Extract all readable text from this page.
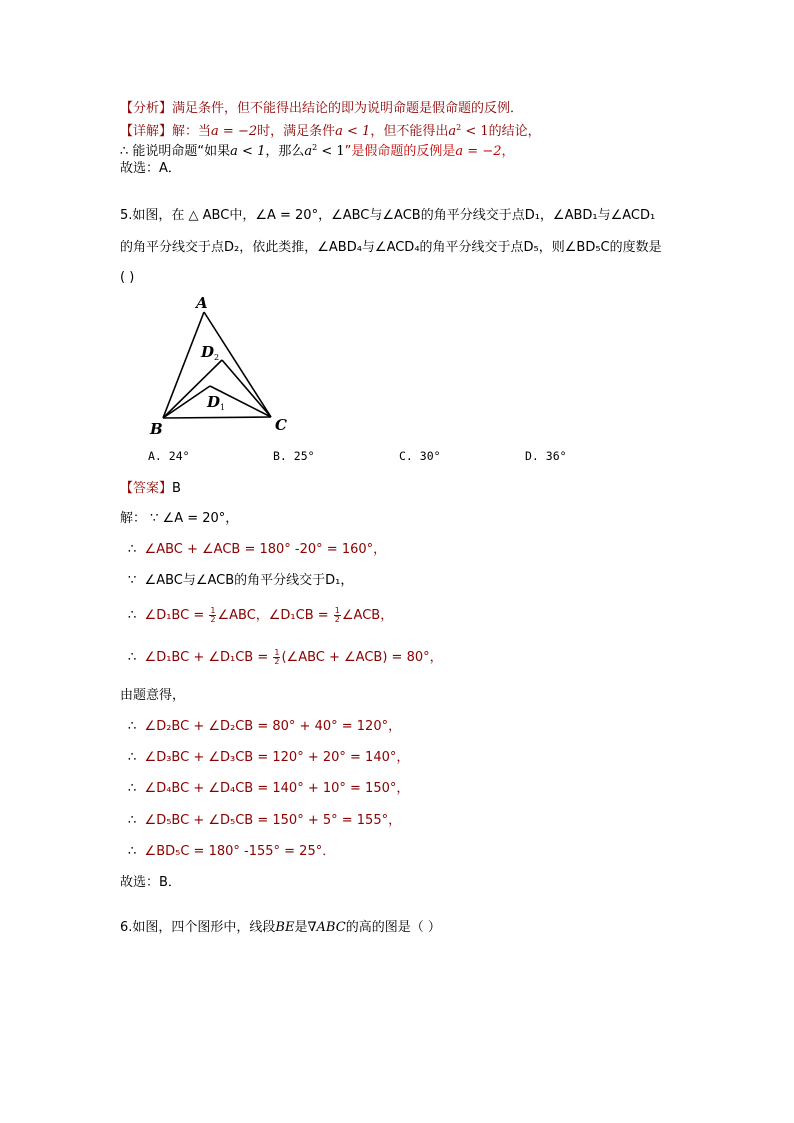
【分析】满足条件，但不能得出结论的即为说明命题是假命题的反例．
【详解】解：当a = −2时，满足条件a < 1，但不能得出$a^2 < 1$的结论，
∴ 能说明命题“如果a < 1，那么$a^2 < 1$”是假命题的反例是a = −2，
故选：A．
5.如图，在 △ ABC中，∠A = 20°，∠ABC与∠ACB的角平分线交于点D₁，∠ABD₁与∠ACD₁
的角平分线交于点D₂，依此类推，∠ABD₄与∠ACD₄的角平分线交于点D₅，则∠BD₅C的度数是
( )
A
B	C
D
D
2
1
A. 24°	B. 25°	C. 30°	D. 36°
【答案】B
解： ∵ ∠A = 20°，
∴ ∠ABC + ∠ACB = 180° -20° = 160°，
∵ ∠ABC与∠ACB的角平分线交于D₁，
∴ ∠D₁BC = $\frac{1}{2}$ ∠ABC，∠D₁CB = $\frac{1}{2}$ ∠ACB，
∴ ∠D₁BC + ∠D₁CB = $\frac{1}{2}$ (∠ABC + ∠ACB) = 80°，
由题意得，
∴ ∠D₂BC + ∠D₂CB = 80° + 40° = 120°，
∴ ∠D₃BC + ∠D₃CB = 120° + 20° = 140°，
∴ ∠D₄BC + ∠D₄CB = 140° + 10° = 150°，
∴ ∠D₅BC + ∠D₅CB = 150° + 5° = 155°，
∴ ∠BD₅C = 180° -155° = 25°．
故选：B．
6.如图，四个图形中，线段BE是∇ABC的高的图是（ ）
